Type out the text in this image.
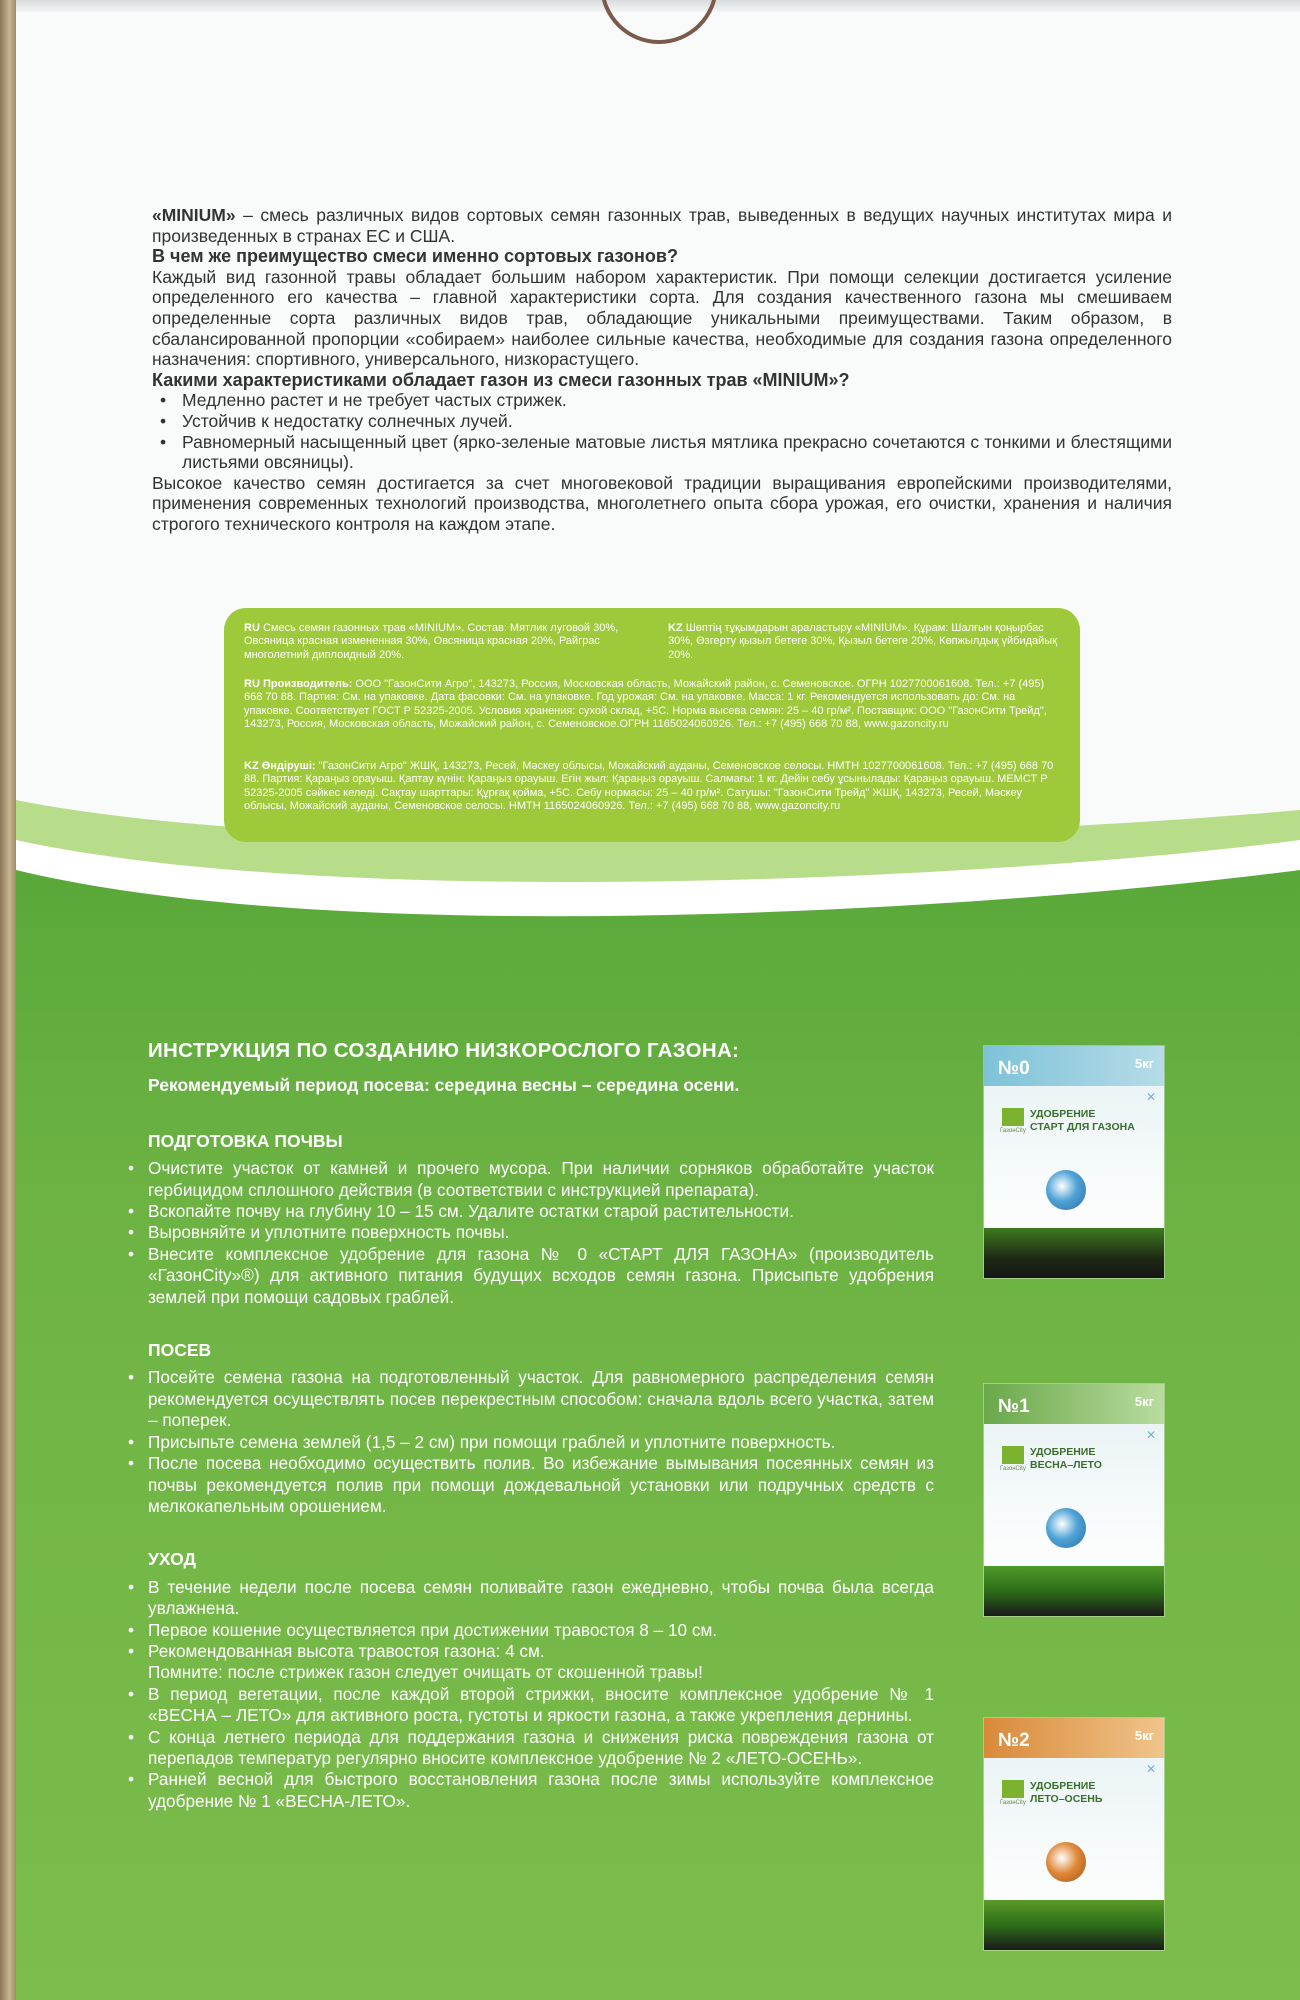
«MINIUM» – смесь различных видов сортовых семян газонных трав, выведенных в ведущих научных институтах мира и произведенных в странах ЕС и США.

В чем же преимущество смеси именно сортовых газонов?

Каждый вид газонной травы обладает большим набором характеристик. При помощи селекции достигается усиление определенного его качества – главной характеристики сорта. Для создания качественного газона мы смешиваем определенные сорта различных видов трав, обладающие уникальными преимуществами. Таким образом, в сбалансированной пропорции «собираем» наиболее сильные качества, необходимые для создания газона определенного назначения: спортивного, универсального, низкорастущего.

Какими характеристиками обладает газон из смеси газонных трав «MINIUM»?

• Медленно растет и не требует частых стрижек.
• Устойчив к недостатку солнечных лучей.
• Равномерный насыщенный цвет (ярко-зеленые матовые листья мятлика прекрасно сочетаются с тонкими и блестящими листьями овсяницы).

Высокое качество семян достигается за счет многовековой традиции выращивания европейскими производителями, применения современных технологий производства, многолетнего опыта сбора урожая, его очистки, хранения и наличия строгого технического контроля на каждом этапе.

RU Смесь семян газонных трав «MINIUM». Состав: Мятлик луговой 30%, Овсяница красная измененная 30%, Овсяница красная 20%, Райграс многолетний диплоидный 20%.
KZ Шөптің тұқымдарын араластыру «MINIUM». Құрам: Шалғын қоңырбас 30%, Өзгерту қызыл бетеге 30%, Қызыл бетеге 20%, Көпжылдық үйбидайық 20%.
RU Производитель: ООО "ГазонСити Агро", 143273, Россия, Московская область, Можайский район, с. Семеновское. ОГРН 1027700061608. Тел.: +7 (495) 668 70 88. Партия: См. на упаковке. Дата фасовки: См. на упаковке. Год урожая: См. на упаковке. Масса: 1 кг. Рекомендуется использовать до: См. на упаковке. Соответствует ГОСТ Р 52325-2005. Условия хранения: сухой склад, +5С. Норма высева семян: 25 – 40 гр/м². Поставщик: ООО "ГазонСити Трейд", 143273, Россия, Московская область, Можайский район, с. Семеновское.ОГРН 1165024060926. Тел.: +7 (495) 668 70 88, www.gazoncity.ru
KZ Өндіруші: "ГазонСити Агро" ЖШҚ, 143273, Ресей, Мәскеу облысы, Можайский ауданы, Семеновское селосы. НМТН 1027700061608. Тел.: +7 (495) 668 70 88. Партия: Қараңыз орауыш. Қаптау күнін: Қараңыз орауыш. Егін жыл: Қараңыз орауыш. Салмағы: 1 кг. Дейін себу ұсынылады: Қараңыз орауыш. МЕМСТ Р 52325-2005 сәйкес келеді. Сақтау шарттары: Құрғақ қойма, +5С. Себу нормасы: 25 – 40 гр/м². Сатушы: "ГазонСити Трейд" ЖШҚ, 143273, Ресей, Мәскеу облысы, Можайский ауданы, Семеновское селосы. НМТН 1165024060926. Тел.: +7 (495) 668 70 88, www.gazoncity.ru
ИНСТРУКЦИЯ ПО СОЗДАНИЮ НИЗКОРОСЛОГО ГАЗОНА:

Рекомендуемый период посева: середина весны – середина осени.

ПОДГОТОВКА ПОЧВЫ
• Очистите участок от камней и прочего мусора. При наличии сорняков обработайте участок гербицидом сплошного действия (в соответствии с инструкцией препарата).
• Вскопайте почву на глубину 10 – 15 см. Удалите остатки старой растительности.
• Выровняйте и уплотните поверхность почвы.
• Внесите комплексное удобрение для газона № 0 «СТАРТ ДЛЯ ГАЗОНА» (производитель «ГазонCity»®) для активного питания будущих всходов семян газона. Присыпьте удобрения землей при помощи садовых граблей.
ПОСЕВ
• Посейте семена газона на подготовленный участок. Для равномерного распределения семян рекомендуется осуществлять посев перекрестным способом: сначала вдоль всего участка, затем – поперек.
• Присыпьте семена землей (1,5 – 2 см) при помощи граблей и уплотните поверхность.
• После посева необходимо осуществить полив. Во избежание вымывания посеянных семян из почвы рекомендуется полив при помощи дождевальной установки или подручных средств с мелкокапельным орошением.
УХОД
• В течение недели после посева семян поливайте газон ежедневно, чтобы почва была всегда увлажнена.
• Первое кошение осуществляется при достижении травостоя 8 – 10 см.
• Рекомендованная высота травостоя газона: 4 см.
Помните: после стрижек газон следует очищать от скошенной травы!
• В период вегетации, после каждой второй стрижки, вносите комплексное удобрение № 1 «ВЕСНА – ЛЕТО» для активного роста, густоты и яркости газона, а также укрепления дернины.
• С конца летнего периода для поддержания газона и снижения риска повреждения газона от перепадов температур регулярно вносите комплексное удобрение № 2 «ЛЕТО-ОСЕНЬ».
• Ранней весной для быстрого восстановления газона после зимы используйте комплексное удобрение № 1 «ВЕСНА-ЛЕТО».
№0	5кг
✕
ГазонCity
УДОБРЕНИЕ
СТАРТ ДЛЯ ГАЗОНА
№1	5кг
✕
ГазонCity
УДОБРЕНИЕ
ВЕСНА–ЛЕТО
№2	5кг
✕
ГазонCity
УДОБРЕНИЕ
ЛЕТО–ОСЕНЬ
